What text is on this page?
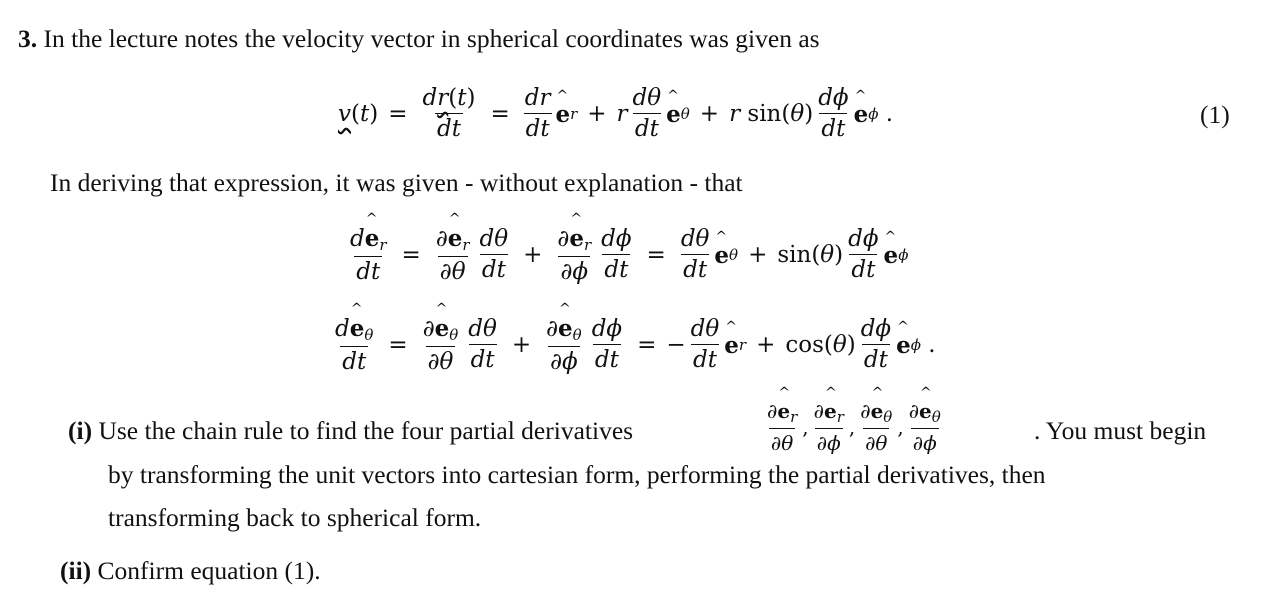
3. In the lecture notes the velocity vector in spherical coordinates was given as
v ( t ) = $\frac{dr(t)}{dt} = \frac{dr}{dt}$ ^ e r + r $\frac{d\theta}{dt}$ ^ e θ + r sin( θ ) $\frac{d\phi}{dt}$ ^ e ϕ .	(1)
In deriving that expression, it was given - without explanation - that
$\frac{d\^{} e_r}{dt} = \frac{\partial\^{} e_r}{\partial\theta} \frac{d\theta}{dt} + \frac{\partial\^{} e_r}{\partial\phi} \frac{d\phi}{dt} = \frac{d\theta}{dt}$ ^ e θ + sin( θ ) $\frac{d\phi}{dt}$ ^ e ϕ
$\frac{d\^{} e_\theta}{dt} = \frac{\partial\^{} e_\theta}{\partial\theta} \frac{d\theta}{dt} + \frac{\partial\^{} e_\theta}{\partial\phi} \frac{d\phi}{dt}$ = − $\frac{d\theta}{dt}$ ^ e r + cos( θ ) $\frac{d\phi}{dt}$ ^ e ϕ .
(i) Use the chain rule to find the four partial derivatives	$\frac{\partial\^{} e_r}{\partial\theta}$ , $\frac{\partial\^{} e_r}{\partial\phi}$ , $\frac{\partial\^{} e_\theta}{\partial\theta}$ , $\frac{\partial\^{} e_\theta}{\partial\phi}$	. You must begin
by transforming the unit vectors into cartesian form, performing the partial derivatives, then
transforming back to spherical form.
(ii) Confirm equation (1).
